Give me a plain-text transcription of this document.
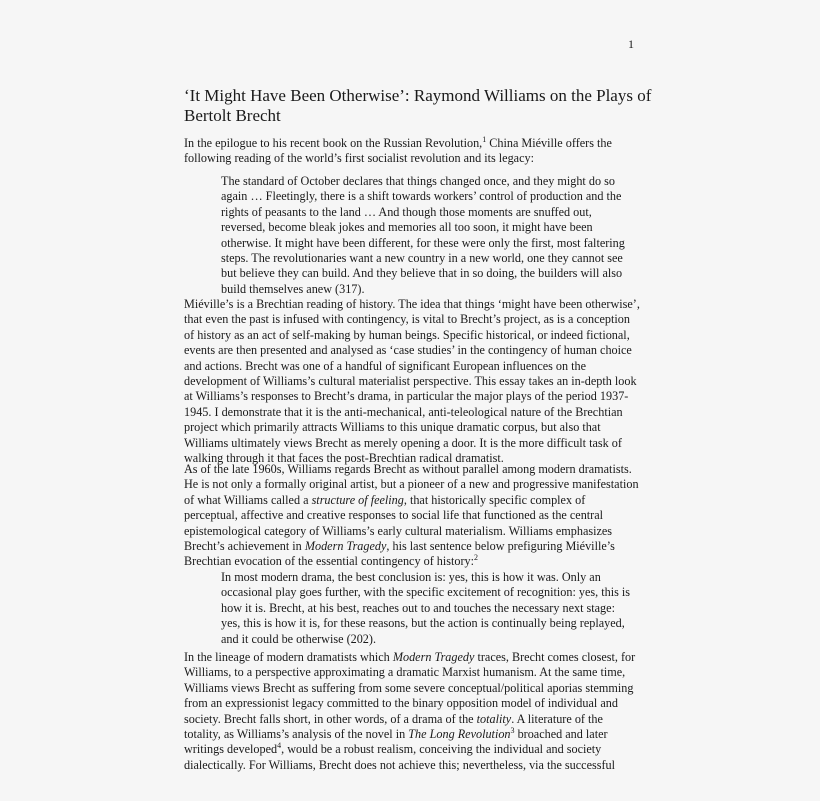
1
‘It Might Have Been Otherwise’: Raymond Williams on the Plays of Bertolt Brecht
In the epilogue to his recent book on the Russian Revolution,$^1$ China Miéville offers the following reading of the world’s first socialist revolution and its legacy:
The standard of October declares that things changed once, and they might do so again … Fleetingly, there is a shift towards workers’ control of production and the rights of peasants to the land … And though those moments are snuffed out, reversed, become bleak jokes and memories all too soon, it might have been otherwise. It might have been different, for these were only the first, most faltering steps. The revolutionaries want a new country in a new world, one they cannot see but believe they can build. And they believe that in so doing, the builders will also build themselves anew (317).
Miéville’s is a Brechtian reading of history. The idea that things ‘might have been otherwise’, that even the past is infused with contingency, is vital to Brecht’s project, as is a conception of history as an act of self-making by human beings. Specific historical, or indeed fictional, events are then presented and analysed as ‘case studies’ in the contingency of human choice and actions. Brecht was one of a handful of significant European influences on the development of Williams’s cultural materialist perspective. This essay takes an in-depth look at Williams’s responses to Brecht’s drama, in particular the major plays of the period 1937-1945. I demonstrate that it is the anti-mechanical, anti-teleological nature of the Brechtian project which primarily attracts Williams to this unique dramatic corpus, but also that Williams ultimately views Brecht as merely opening a door. It is the more difficult task of walking through it that faces the post-Brechtian radical dramatist.
As of the late 1960s, Williams regards Brecht as without parallel among modern dramatists. He is not only a formally original artist, but a pioneer of a new and progressive manifestation of what Williams called a structure of feeling, that historically specific complex of perceptual, affective and creative responses to social life that functioned as the central epistemological category of Williams’s early cultural materialism. Williams emphasizes Brecht’s achievement in Modern Tragedy, his last sentence below prefiguring Miéville’s Brechtian evocation of the essential contingency of history:$^2$
In most modern drama, the best conclusion is: yes, this is how it was. Only an occasional play goes further, with the specific excitement of recognition: yes, this is how it is. Brecht, at his best, reaches out to and touches the necessary next stage: yes, this is how it is, for these reasons, but the action is continually being replayed, and it could be otherwise (202).
In the lineage of modern dramatists which Modern Tragedy traces, Brecht comes closest, for Williams, to a perspective approximating a dramatic Marxist humanism. At the same time, Williams views Brecht as suffering from some severe conceptual/political aporias stemming from an expressionist legacy committed to the binary opposition model of individual and society. Brecht falls short, in other words, of a drama of the totality. A literature of the totality, as Williams’s analysis of the novel in The Long Revolution$^3$ broached and later writings developed$^4$, would be a robust realism, conceiving the individual and society dialectically. For Williams, Brecht does not achieve this; nevertheless, via the successful
